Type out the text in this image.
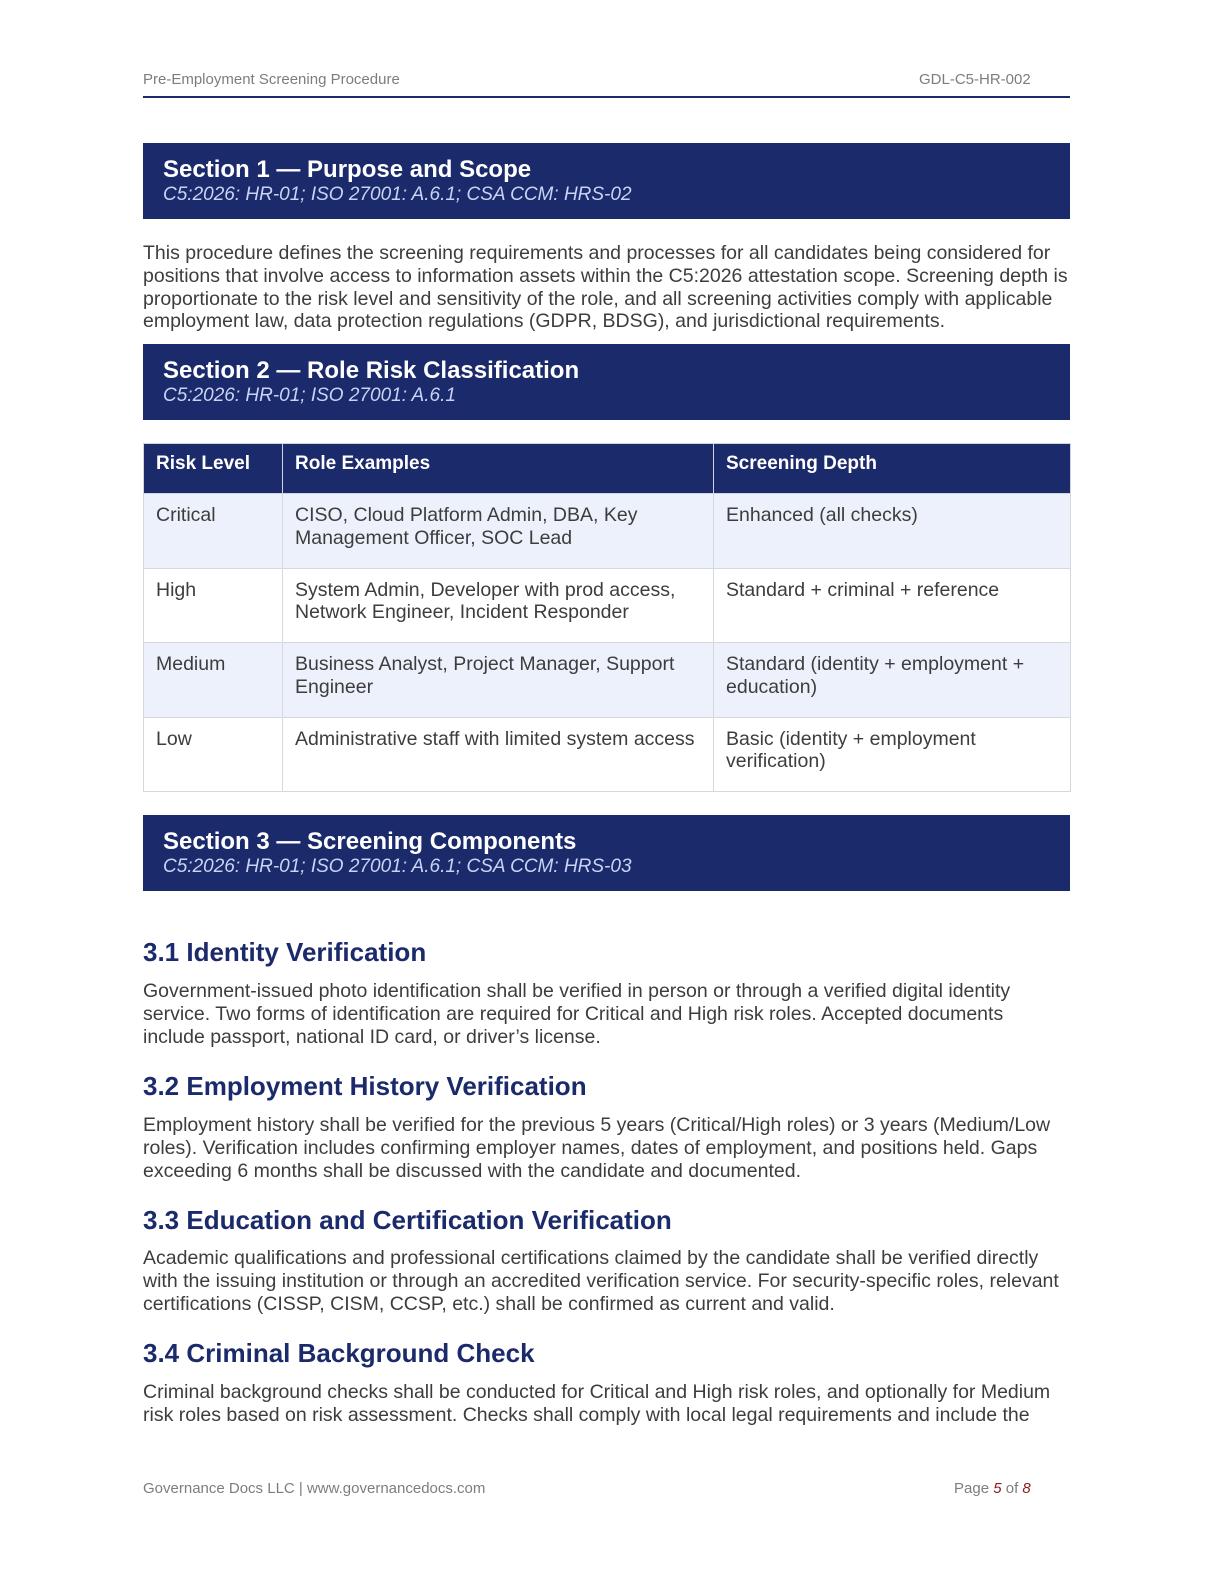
Pre-Employment Screening Procedure	GDL-C5-HR-002
Section 1 — Purpose and Scope
C5:2026: HR-01; ISO 27001: A.6.1; CSA CCM: HRS-02

This procedure defines the screening requirements and processes for all candidates being considered for positions that involve access to information assets within the C5:2026 attestation scope. Screening depth is proportionate to the risk level and sensitivity of the role, and all screening activities comply with applicable employment law, data protection regulations (GDPR, BDSG), and jurisdictional requirements.

Section 2 — Role Risk Classification
C5:2026: HR-01; ISO 27001: A.6.1
Risk Level	Role Examples	Screening Depth
Critical	CISO, Cloud Platform Admin, DBA, Key Management Officer, SOC Lead	Enhanced (all checks)
High	System Admin, Developer with prod access, Network Engineer, Incident Responder	Standard + criminal + reference
Medium	Business Analyst, Project Manager, Support Engineer	Standard (identity + employment + education)
Low	Administrative staff with limited system access	Basic (identity + employment verification)
Section 3 — Screening Components
C5:2026: HR-01; ISO 27001: A.6.1; CSA CCM: HRS-03
3.1 Identity Verification

Government-issued photo identification shall be verified in person or through a verified digital identity service. Two forms of identification are required for Critical and High risk roles. Accepted documents include passport, national ID card, or driver’s license.

3.2 Employment History Verification

Employment history shall be verified for the previous 5 years (Critical/High roles) or 3 years (Medium/Low roles). Verification includes confirming employer names, dates of employment, and positions held. Gaps exceeding 6 months shall be discussed with the candidate and documented.

3.3 Education and Certification Verification

Academic qualifications and professional certifications claimed by the candidate shall be verified directly with the issuing institution or through an accredited verification service. For security-specific roles, relevant certifications (CISSP, CISM, CCSP, etc.) shall be confirmed as current and valid.

3.4 Criminal Background Check

Criminal background checks shall be conducted for Critical and High risk roles, and optionally for Medium risk roles based on risk assessment. Checks shall comply with local legal requirements and include the

Governance Docs LLC | www.governancedocs.com	Page 5 of 8
